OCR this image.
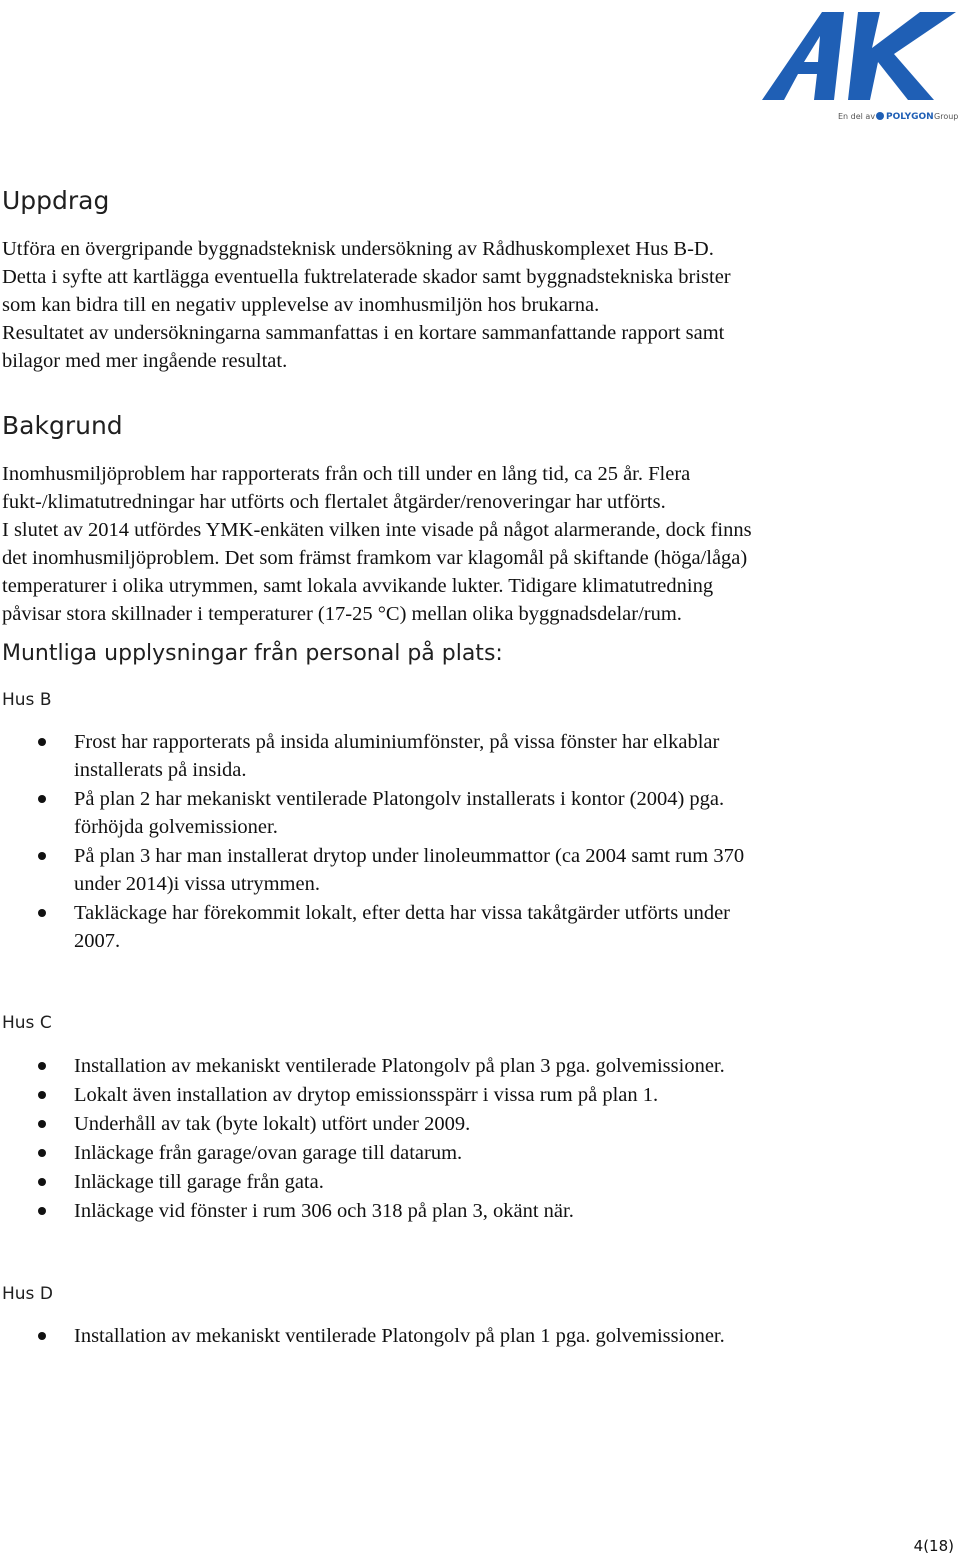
En del av POLYGON Group
Uppdrag
Utföra en övergripande byggnadsteknisk undersökning av Rådhuskomplexet Hus B-D.
Detta i syfte att kartlägga eventuella fuktrelaterade skador samt byggnadstekniska brister
som kan bidra till en negativ upplevelse av inomhusmiljön hos brukarna.
Resultatet av undersökningarna sammanfattas i en kortare sammanfattande rapport samt
bilagor med mer ingående resultat.
Bakgrund
Inomhusmiljöproblem har rapporterats från och till under en lång tid, ca 25 år. Flera
fukt-/klimatutredningar har utförts och flertalet åtgärder/renoveringar har utförts.
I slutet av 2014 utfördes YMK-enkäten vilken inte visade på något alarmerande, dock finns
det inomhusmiljöproblem. Det som främst framkom var klagomål på skiftande (höga/låga)
temperaturer i olika utrymmen, samt lokala avvikande lukter. Tidigare klimatutredning
påvisar stora skillnader i temperaturer (17-25 °C) mellan olika byggnadsdelar/rum.
Muntliga upplysningar från personal på plats:
Hus B
Frost har rapporterats på insida aluminiumfönster, på vissa fönster har elkablar
installerats på insida.
På plan 2 har mekaniskt ventilerade Platongolv installerats i kontor (2004) pga.
förhöjda golvemissioner.
På plan 3 har man installerat drytop under linoleummattor (ca 2004 samt rum 370
under 2014)i vissa utrymmen.
Takläckage har förekommit lokalt, efter detta har vissa takåtgärder utförts under
2007.
Hus C
Installation av mekaniskt ventilerade Platongolv på plan 3 pga. golvemissioner.
Lokalt även installation av drytop emissionsspärr i vissa rum på plan 1.
Underhåll av tak (byte lokalt) utfört under 2009.
Inläckage från garage/ovan garage till datarum.
Inläckage till garage från gata.
Inläckage vid fönster i rum 306 och 318 på plan 3, okänt när.
Hus D
Installation av mekaniskt ventilerade Platongolv på plan 1 pga. golvemissioner.
4(18)
